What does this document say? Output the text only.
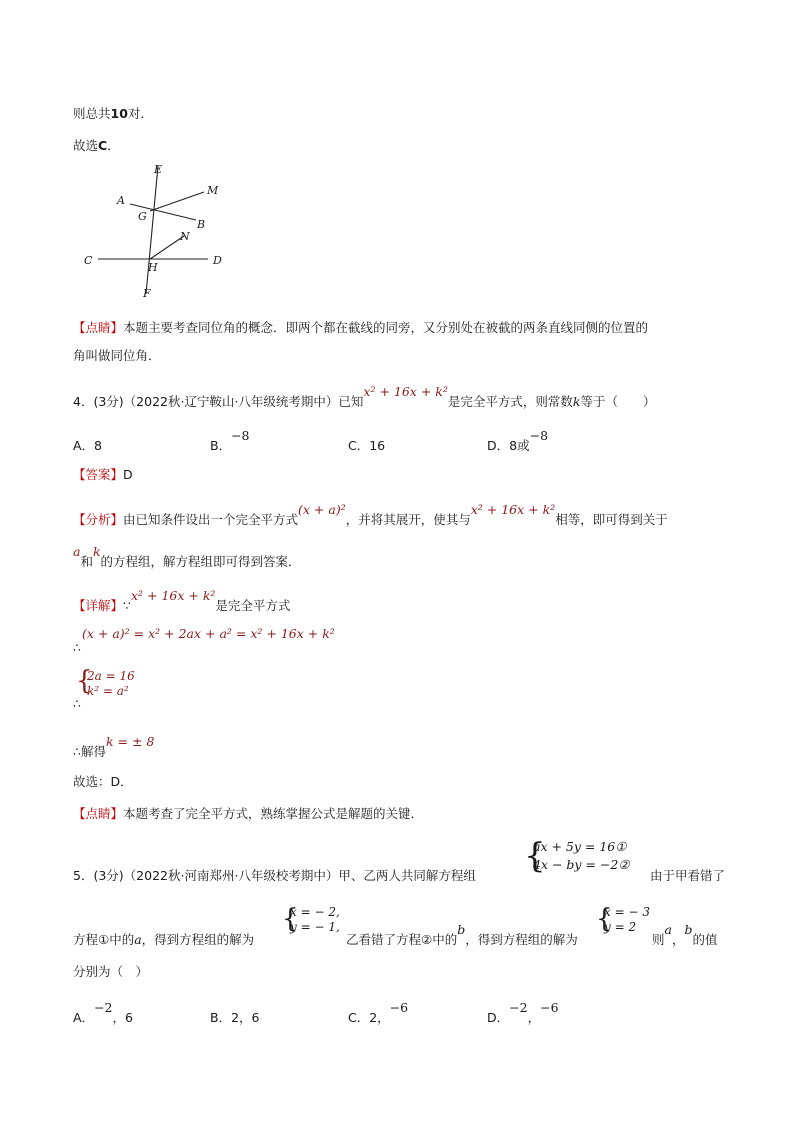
则总共10对．
故选C．
E
M
A
G
B
N
C
H
D
F
【点睛】本题主要考查同位角的概念．即两个都在截线的同旁，又分别处在被截的两条直线同侧的位置的
角叫做同位角．
4．(3分)（2022秋·辽宁鞍山·八年级统考期中）已知x² + 16x + k²是完全平方式，则常数k等于（　　）
A．8	B．−8
C．16	D．8或−8
【答案】D
【分析】由已知条件设出一个完全平方式(x + a)²，并将其展开，使其与x² + 16x + k²相等，即可得到关于
a和k的方程组，解方程组即可得到答案．
【详解】∵x² + 16x + k²是完全平方式
(x + a)² = x² + 2ax + a² = x² + 16x + k²
∴
{
2a = 16
k² = a²
∴
∴解得k = ± 8
故选：D．
【点睛】本题考查了完全平方式，熟练掌握公式是解题的关键．
5．(3分)（2022秋·河南郑州·八年级校考期中）甲、乙两人共同解方程组 {
ax + 5y = 16①
4x − by = −2②
由于甲看错了
方程①中的a，得到方程组的解为
{
x = − 2,
y = − 1,
乙看错了方程②中的b，得到方程组的解为
{
x = − 3
y = 2
则a，b的值
分别为（　）
A．−2，6	B．2，6	C．2，−6
D．−2，−6
